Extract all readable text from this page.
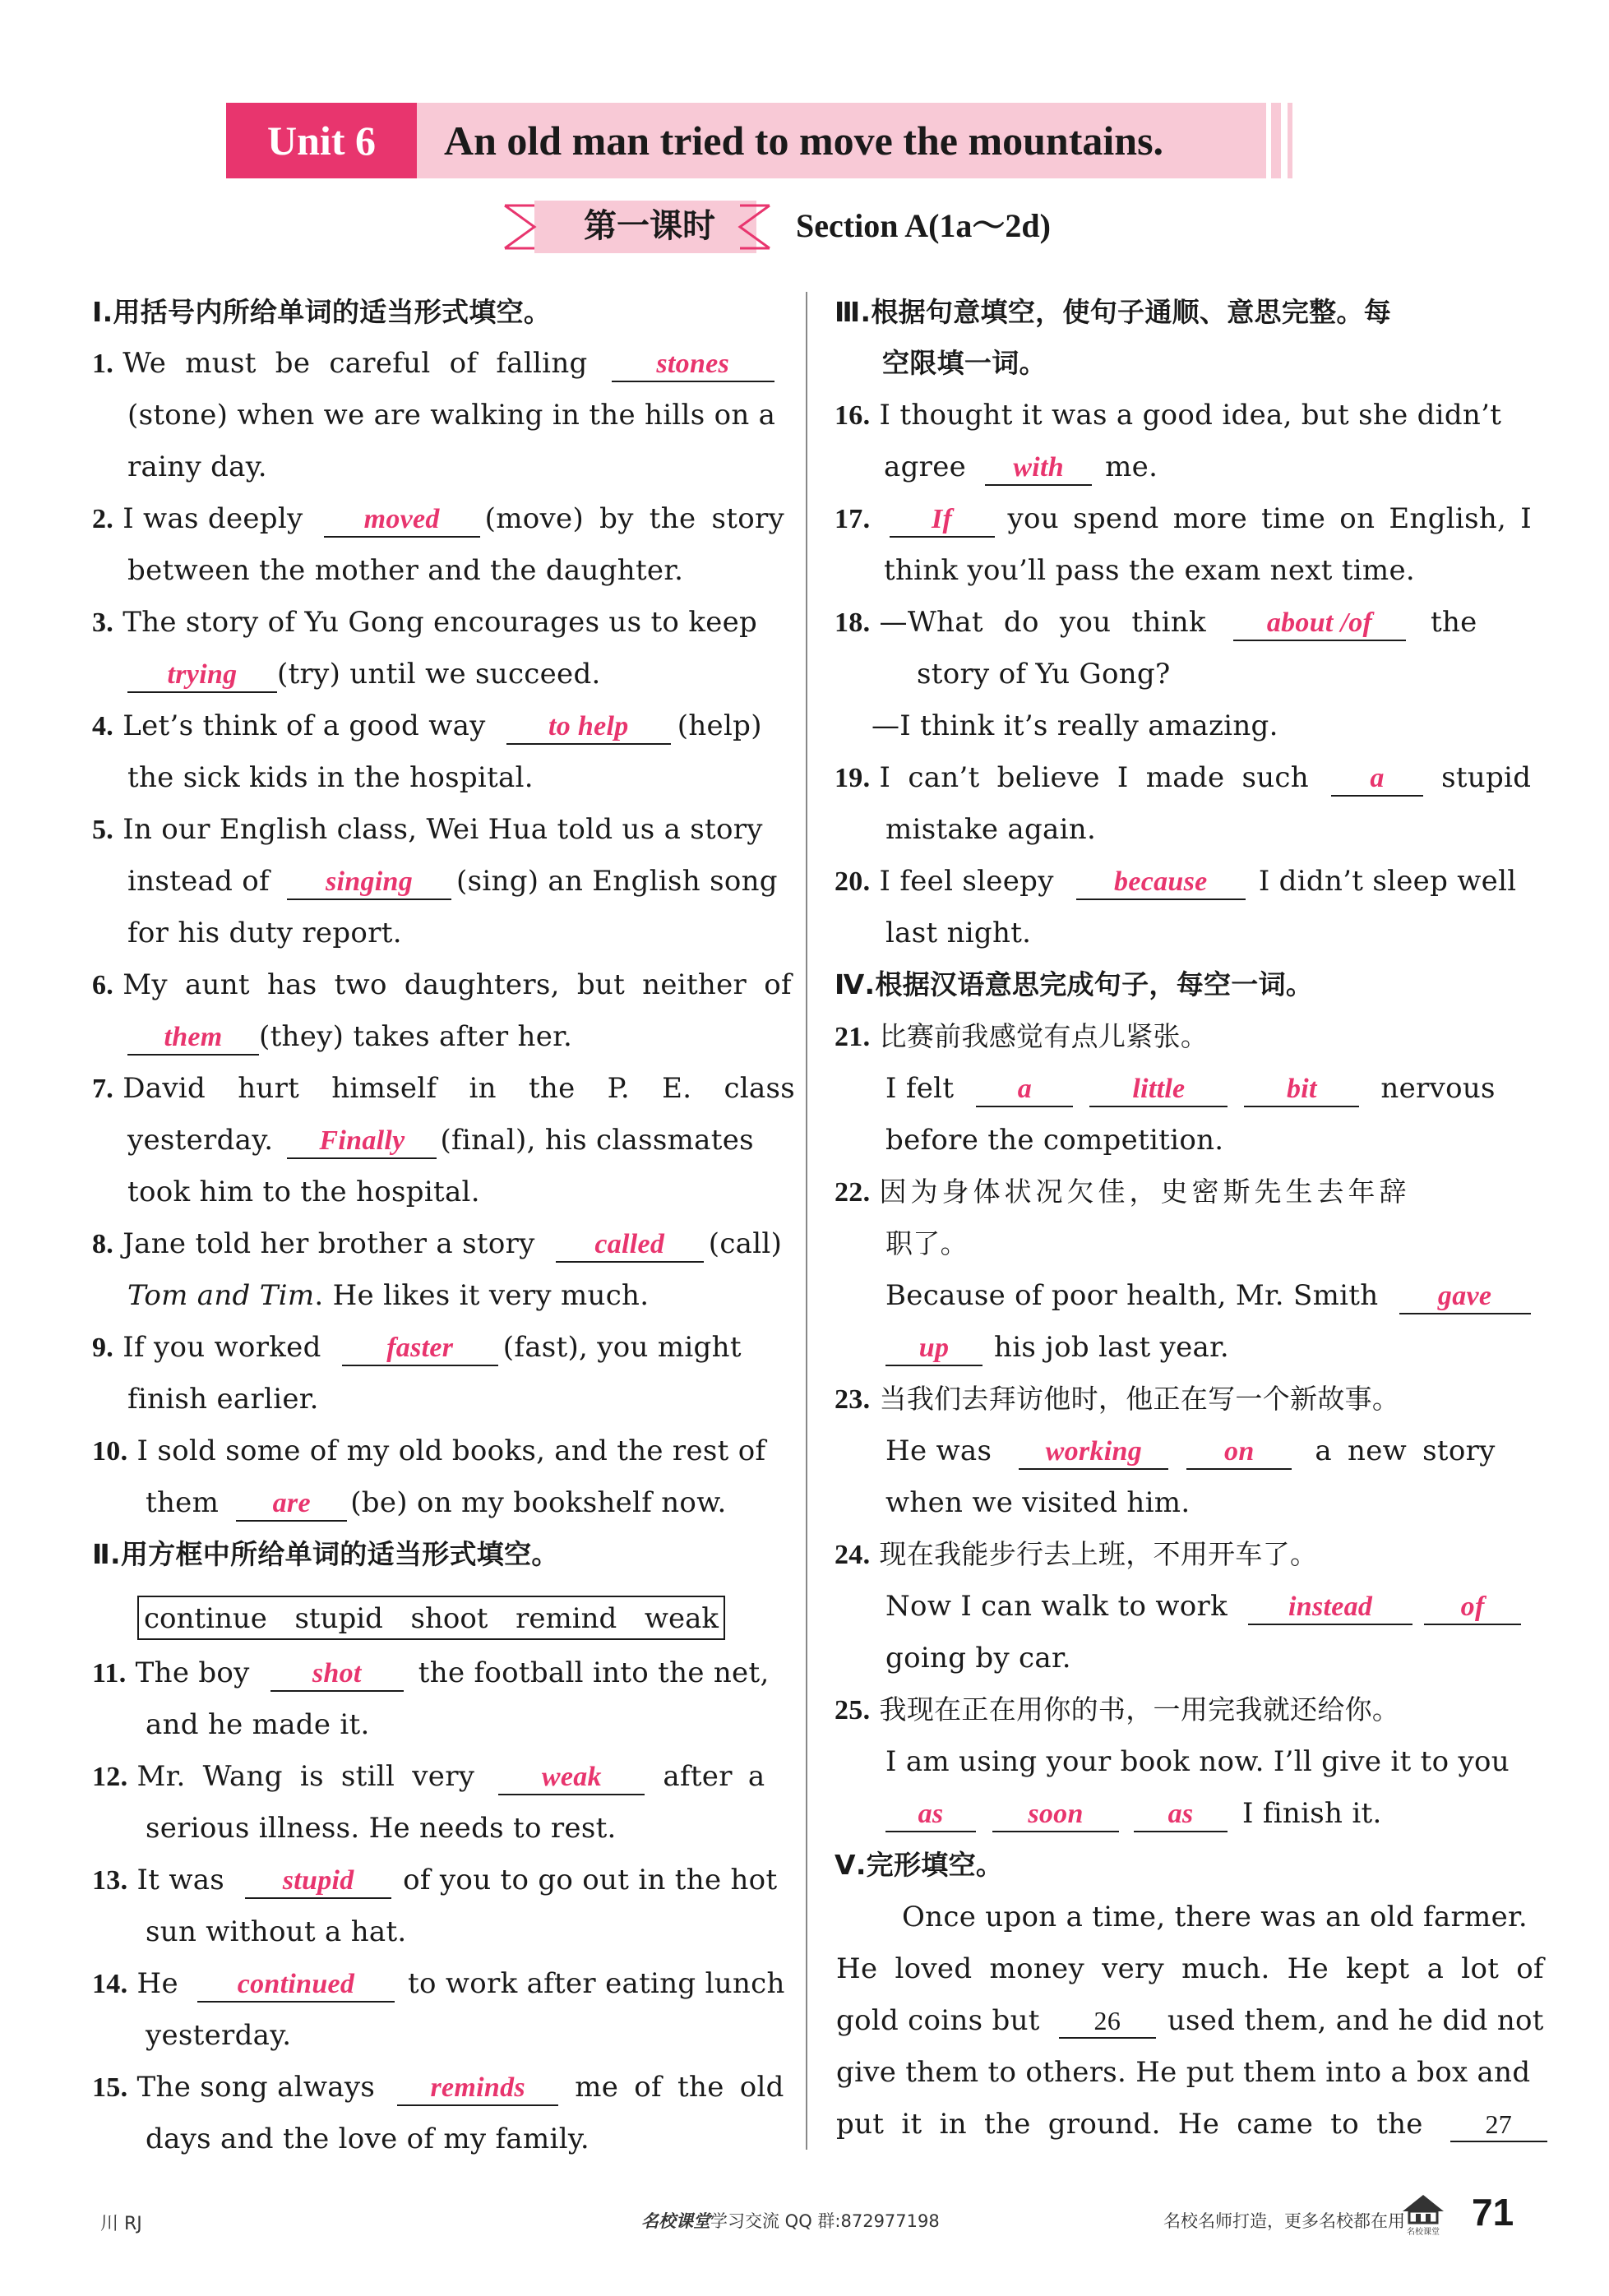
Unit 6	An old man tried to move the mountains.
第一课时	Section A(1a～2d)
Ⅰ.用括号内所给单词的适当形式填空。
1. We must be careful of falling stones
(stone) when we are walking in the hills on a
rainy day.
2. I was deeply moved (move) by the story
between the mother and the daughter.
3. The story of Yu Gong encourages us to keep
trying (try) until we succeed.
4. Let’s think of a good way to help (help)
the sick kids in the hospital.
5. In our English class, Wei Hua told us a story
instead of singing (sing) an English song
for his duty report.
6. My aunt has two daughters, but neither of
them (they) takes after her.
7. David hurt himself in the P. E. class
yesterday. Finally (final), his classmates
took him to the hospital.
8. Jane told her brother a story called (call)
Tom and Tim. He likes it very much.
9. If you worked faster (fast), you might
finish earlier.
10. I sold some of my old books, and the rest of
them are (be) on my bookshelf now.
Ⅱ.用方框中所给单词的适当形式填空。
continue stupid shoot remind weak
11. The boy shot the football into the net,
and he made it.
12. Mr. Wang is still very weak after a
serious illness. He needs to rest.
13. It was stupid of you to go out in the hot
sun without a hat.
14. He continued to work after eating lunch
yesterday.
15. The song always reminds me of the old
days and the love of my family.
Ⅲ.根据句意填空，使句子通顺、意思完整。每
空限填一词。
16. I thought it was a good idea, but she didn’t
agree with me.
17. If you spend more time on English, I
think you’ll pass the exam next time.
18. —What do you think about /of the
story of Yu Gong?
—I think it’s really amazing.
19. I can’t believe I made such a stupid
mistake again.
20. I feel sleepy because I didn’t sleep well
last night.
Ⅳ.根据汉语意思完成句子，每空一词。
21. 比赛前我感觉有点儿紧张。
I felt a	little	bit nervous
before the competition.
22. 因为身体状况欠佳，史密斯先生去年辞
职了。
Because of poor health, Mr. Smith gave
up his job last year.
23. 当我们去拜访他时，他正在写一个新故事。
He was working	on a new story
when we visited him.
24. 现在我能步行去上班，不用开车了。
Now I can walk to work instead	of
going by car.
25. 我现在正在用你的书，一用完我就还给你。
I am using your book now. I’ll give it to you
as	soon	as I finish it.
Ⅴ.完形填空。
Once upon a time, there was an old farmer.
He loved money very much. He kept a lot of
gold coins but 26 used them, and he did not
give them to others. He put them into a box and
put it in the ground. He came to the 27
川 RJ	名校课堂学习交流 QQ 群:872977198	名校名师打造，更多名校都在用
名校课堂 71
